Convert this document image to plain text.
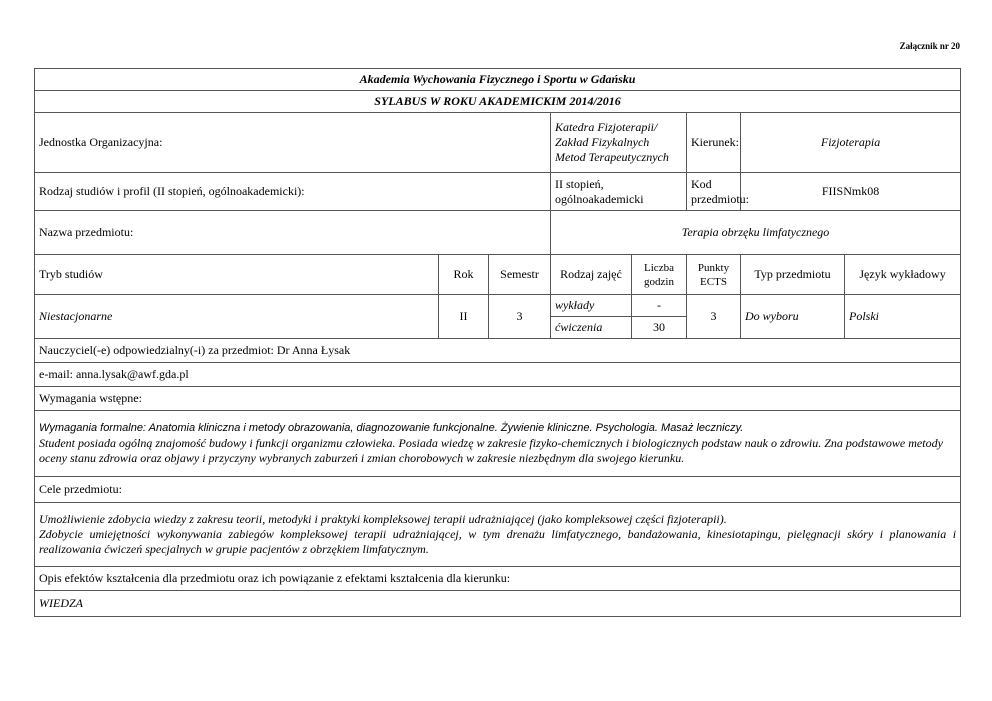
Załącznik nr 20
Akademia Wychowania Fizycznego i Sportu w Gdańsku							
SYLABUS W ROKU AKADEMICKIM 2014/2016							
Jednostka Organizacyjna:			Katedra Fizjoterapii/
Zakład Fizykalnych
Metod Terapeutycznych		Kierunek:	Fizjoterapia	
Rodzaj studiów i profil (II stopień, ogólnoakademicki):			II stopień, ogólnoakademicki		Kod przedmiotu:	FIISNmk08	
Nazwa przedmiotu:			Terapia obrzęku limfatycznego				
Tryb studiów	Rok	Semestr	Rodzaj zajęć	Liczba godzin	Punkty ECTS	Typ przedmiotu	Język wykładowy
Niestacjonarne	II	3	wykłady	-	3	Do wyboru	Polski
			ćwiczenia	30			
Nauczyciel(-e) odpowiedzialny(-i) za przedmiot: Dr Anna Łysak							
e-mail: anna.lysak@awf.gda.pl							
Wymagania wstępne:							

Wymagania formalne: Anatomia kliniczna i metody obrazowania, diagnozowanie funkcjonalne. Żywienie kliniczne. Psychologia. Masaż leczniczy.
Student posiada ogólną znajomość budowy i funkcji organizmu człowieka. Posiada wiedzę w zakresie fizyko-chemicznych i biologicznych podstaw nauk o zdrowiu. Zna podstawowe metody oceny stanu zdrowia oraz objawy i przyczyny wybranych zaburzeń i zmian chorobowych w zakresie niezbędnym dla swojego kierunku.							

Cele przedmiotu:							

Umożliwienie zdobycia wiedzy z zakresu teorii, metodyki i praktyki kompleksowej terapii udrażniającej (jako kompleksowej części fizjoterapii).
Zdobycie umiejętności wykonywania zabiegów kompleksowej terapii udrażniającej, w tym drenażu limfatycznego, bandażowania, kinesiotapingu, pielęgnacji skóry i planowania i realizowania ćwiczeń specjalnych w grupie pacjentów z obrzękiem limfatycznym.							

Opis efektów kształcenia dla przedmiotu oraz ich powiązanie z efektami kształcenia dla kierunku:							
WIEDZA							
